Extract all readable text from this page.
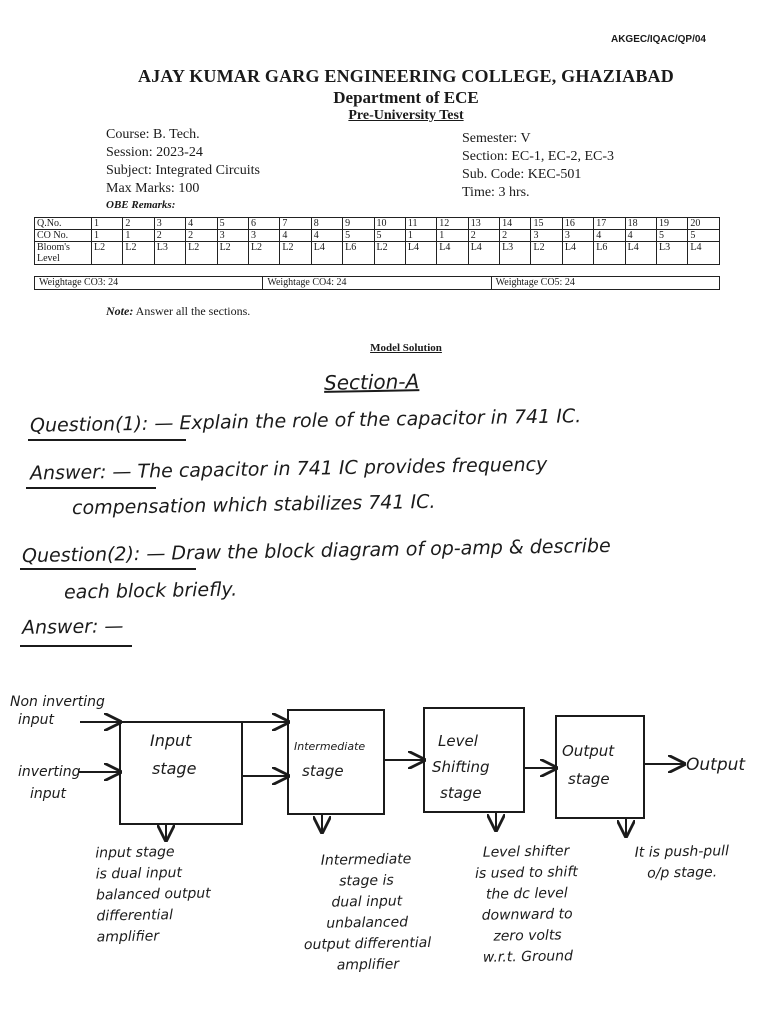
AKGEC/IQAC/QP/04
AJAY KUMAR GARG ENGINEERING COLLEGE, GHAZIABAD
Department of ECE
Pre-University Test
Course: B. Tech.
Session: 2023-24
Subject: Integrated Circuits
Max Marks: 100
Semester: V
Section: EC-1, EC-2, EC-3
Sub. Code: KEC-501
Time: 3 hrs.
OBE Remarks:
Q.No.	1	2	3	4	5	6	7	8	9	10	11	12	13	14	15	16	17	18	19	20
CO No.	1	1	2	2	3	3	4	4	5	5	1	1	2	2	3	3	4	4	5	5
Bloom's Level	L2	L2	L3	L2	L2	L2	L2	L4	L6	L2	L4	L4	L4	L3	L2	L4	L6	L4	L3	L4
Weightage CO3: 24	Weightage CO4: 24	Weightage CO5: 24
Note: Answer all the sections.
Model Solution
Section-A
Question(1): — Explain the role of the capacitor in 741 IC.
Answer: — The capacitor in 741 IC provides frequency
compensation which stabilizes 741 IC.
Question(2): — Draw the block diagram of op-amp & describe
each block briefly.
Answer: —
Non inverting
input
inverting
input
Input
stage
Intermediate
stage
Level
Shifting
stage
Output
stage
Output
input stage
is dual input
balanced output
differential
amplifier
Intermediate
stage is
dual input
unbalanced
output differential
amplifier
Level shifter
is used to shift
the dc level
downward to
zero volts
w.r.t. Ground
It is push-pull
o/p stage.
